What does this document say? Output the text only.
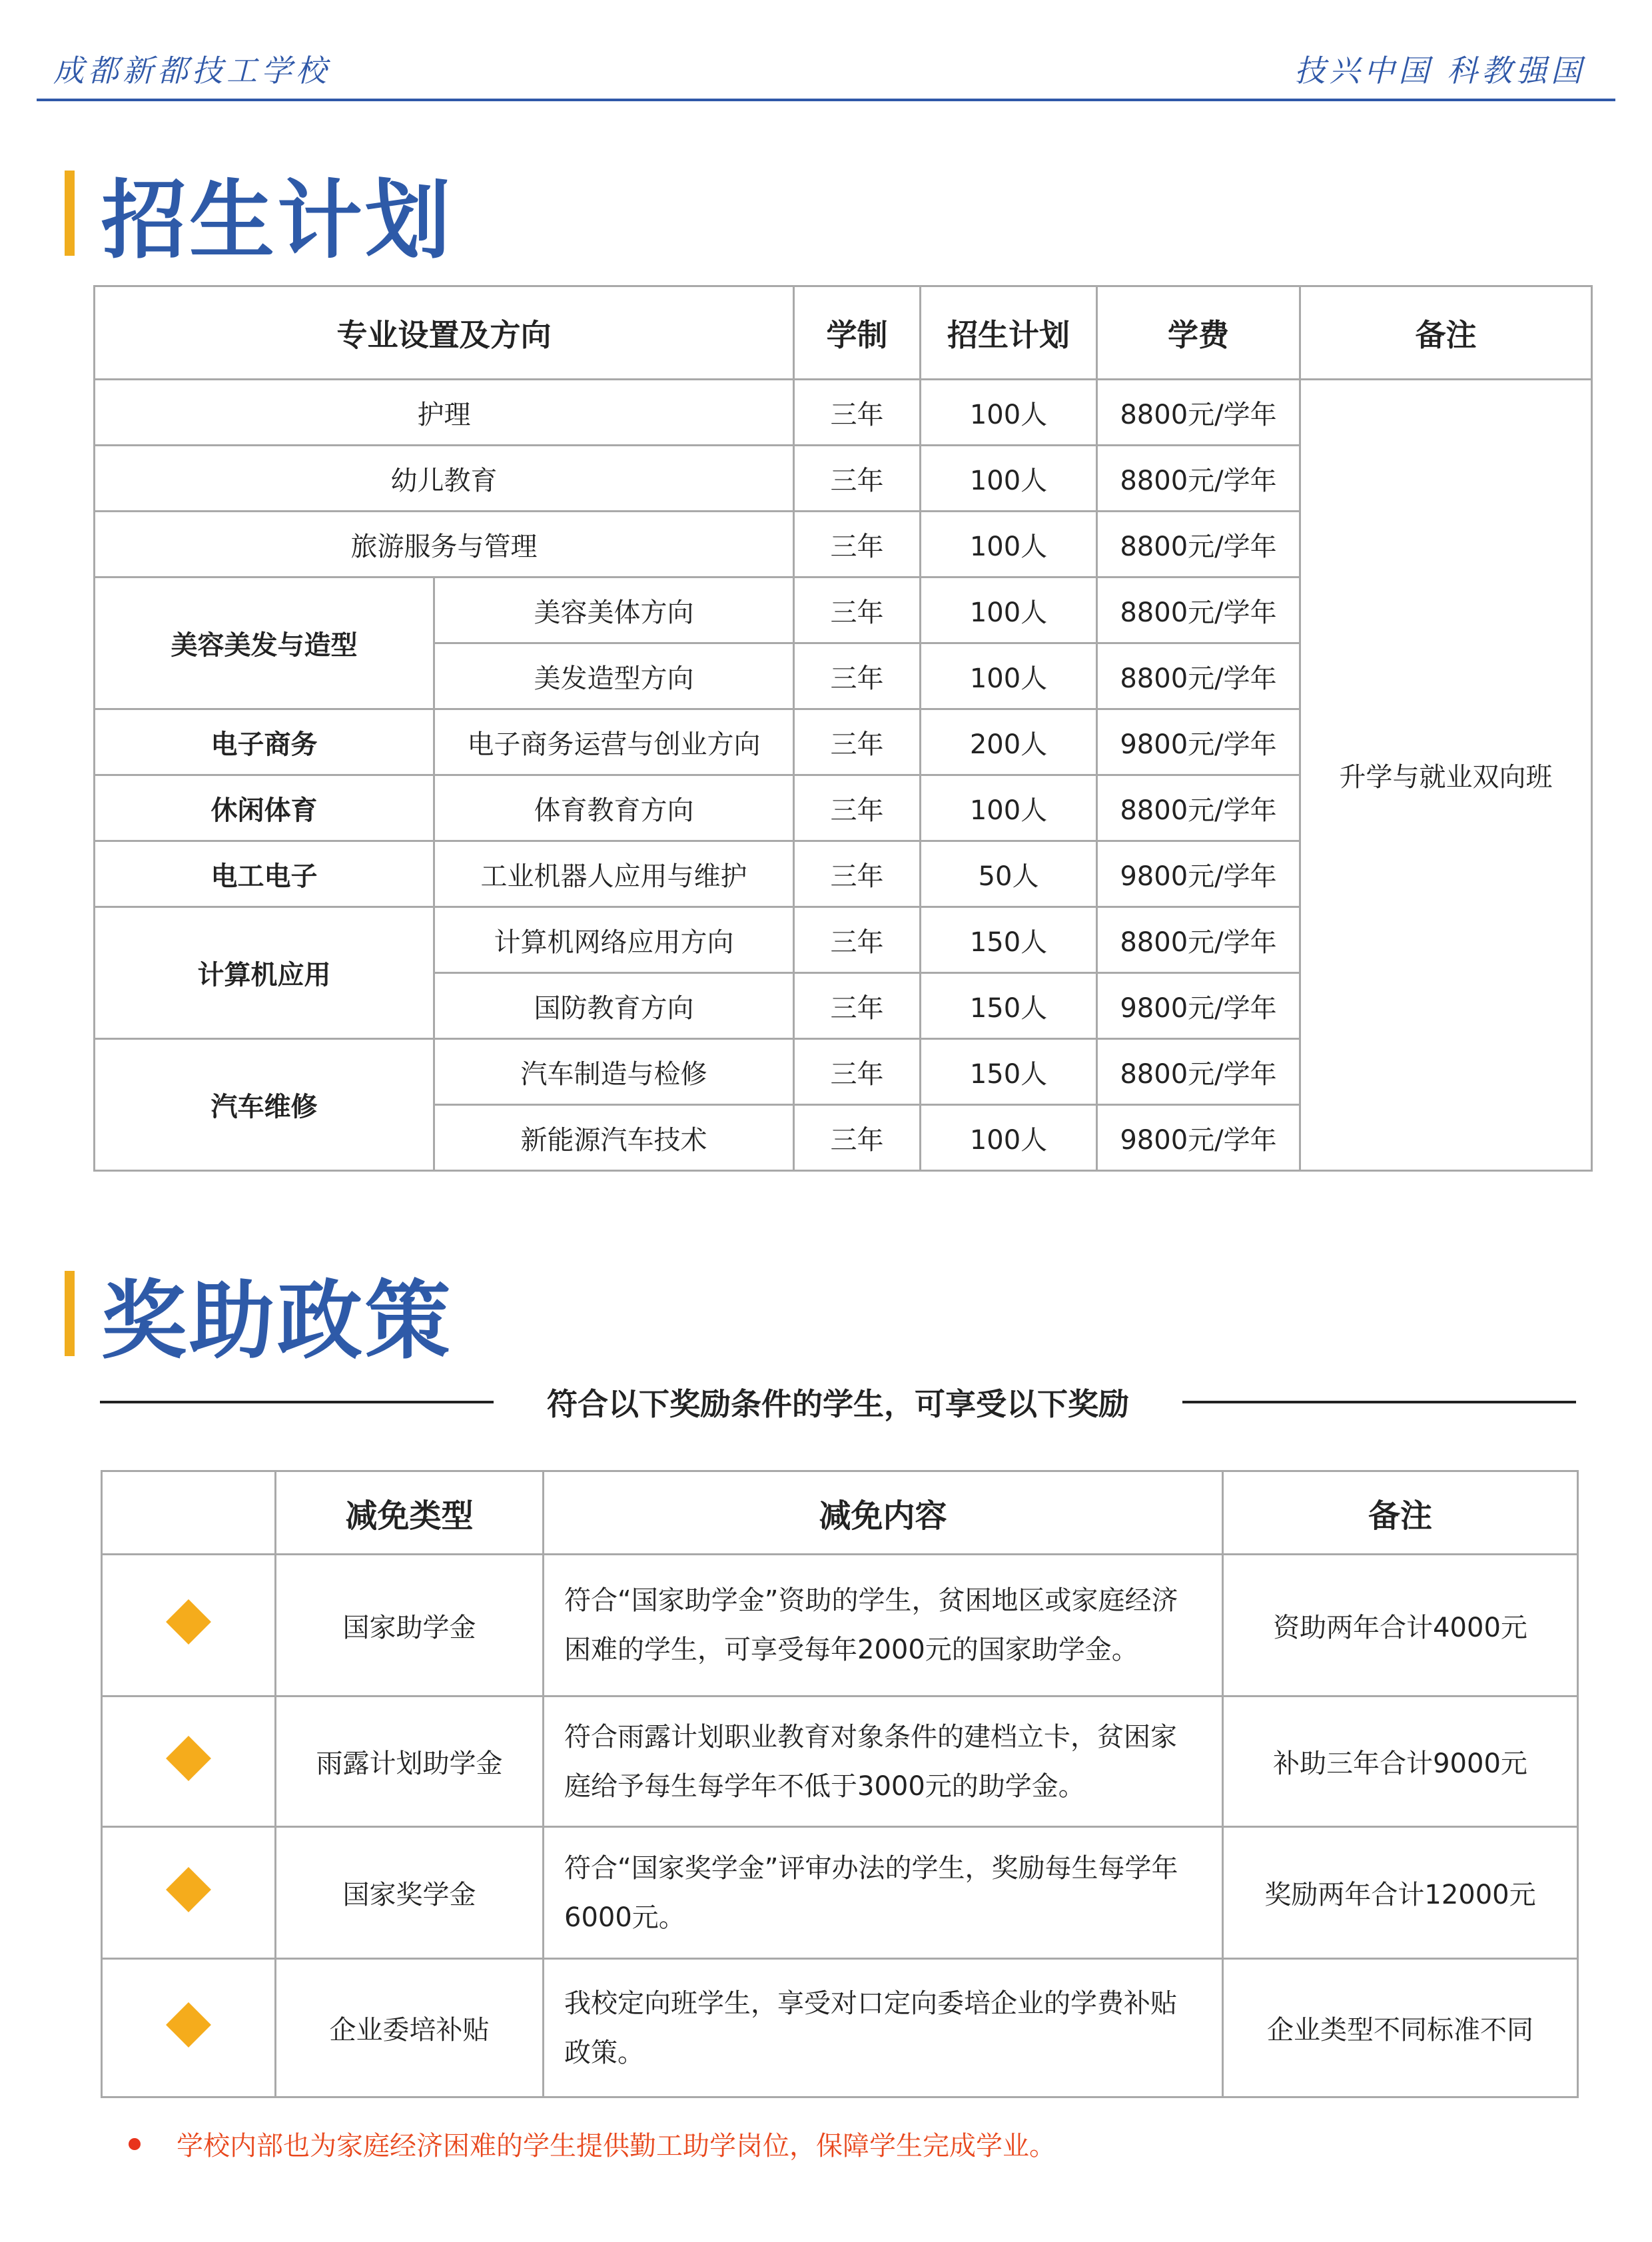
成都新都技工学校	技兴中国 科教强国
招生计划
专业设置及方向		学制	招生计划	学费	备注
护理		三年	100人	8800元/学年	升学与就业双向班
幼儿教育		三年	100人	8800元/学年	
旅游服务与管理		三年	100人	8800元/学年	
美容美发与造型	美容美体方向	三年	100人	8800元/学年	
	美发造型方向	三年	100人	8800元/学年	
电子商务	电子商务运营与创业方向	三年	200人	9800元/学年	
休闲体育	体育教育方向	三年	100人	8800元/学年	
电工电子	工业机器人应用与维护	三年	50人	9800元/学年	
计算机应用	计算机网络应用方向	三年	150人	8800元/学年	
	国防教育方向	三年	150人	9800元/学年	
汽车维修	汽车制造与检修	三年	150人	8800元/学年	
	新能源汽车技术	三年	100人	9800元/学年	
奖助政策
符合以下奖励条件的学生，可享受以下奖励
	减免类型	减免内容	备注
	国家助学金	符合“国家助学金”资助的学生，贫困地区或家庭经济困难的学生，可享受每年2000元的国家助学金。	资助两年合计4000元
	雨露计划助学金	符合雨露计划职业教育对象条件的建档立卡，贫困家庭给予每生每学年不低于3000元的助学金。	补助三年合计9000元
	国家奖学金	符合“国家奖学金”评审办法的学生，奖励每生每学年6000元。	奖励两年合计12000元
	企业委培补贴	我校定向班学生，享受对口定向委培企业的学费补贴政策。	企业类型不同标准不同
学校内部也为家庭经济困难的学生提供勤工助学岗位，保障学生完成学业。
